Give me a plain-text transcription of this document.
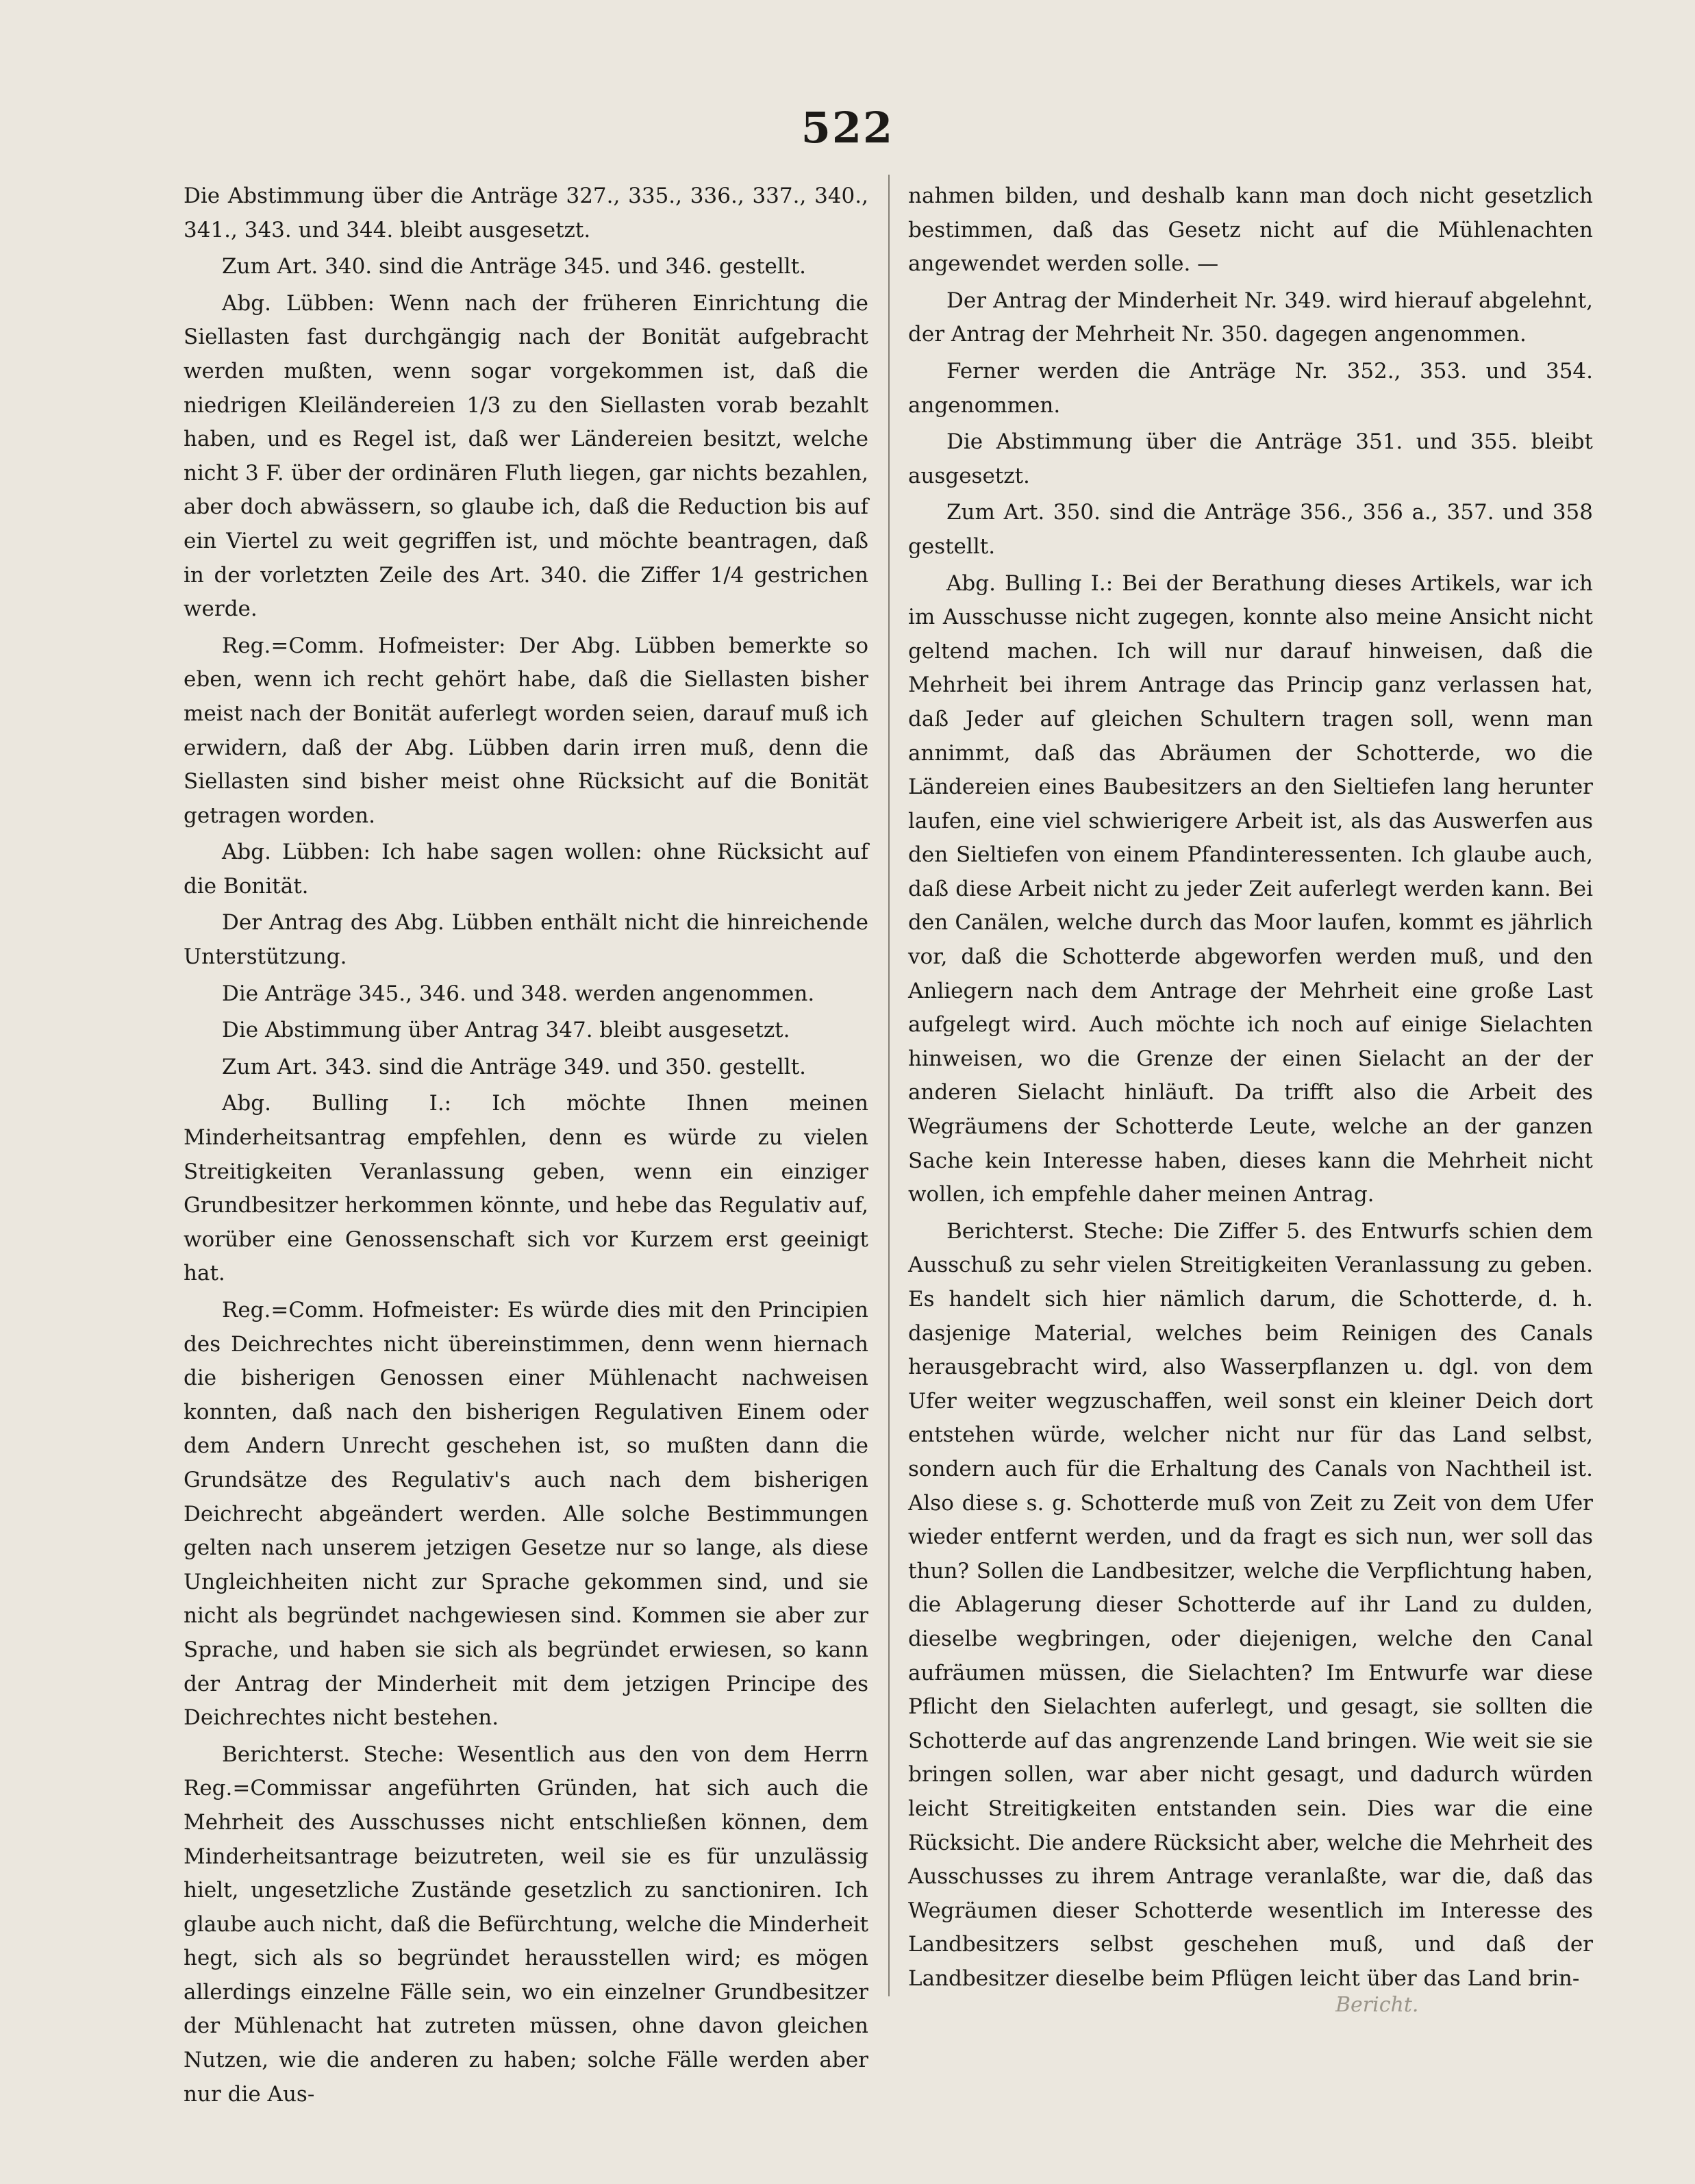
522

Die Abstimmung über die Anträge 327., 335., 336., 337., 340., 341., 343. und 344. bleibt ausgesetzt.

Zum Art. 340. sind die Anträge 345. und 346. gestellt.

Abg. Lübben: Wenn nach der früheren Einrichtung die Siellasten fast durchgängig nach der Bonität aufgebracht werden mußten, wenn sogar vorgekommen ist, daß die niedrigen Kleiländereien 1/3 zu den Siellasten vorab bezahlt haben, und es Regel ist, daß wer Ländereien besitzt, welche nicht 3 F. über der ordinären Fluth liegen, gar nichts bezahlen, aber doch abwässern, so glaube ich, daß die Reduction bis auf ein Viertel zu weit gegriffen ist, und möchte beantragen, daß in der vorletzten Zeile des Art. 340. die Ziffer 1/4 gestrichen werde.

Reg.=Comm. Hofmeister: Der Abg. Lübben bemerkte so eben, wenn ich recht gehört habe, daß die Siellasten bisher meist nach der Bonität auferlegt worden seien, darauf muß ich erwidern, daß der Abg. Lübben darin irren muß, denn die Siellasten sind bisher meist ohne Rücksicht auf die Bonität getragen worden.

Abg. Lübben: Ich habe sagen wollen: ohne Rücksicht auf die Bonität.

Der Antrag des Abg. Lübben enthält nicht die hinreichende Unterstützung.

Die Anträge 345., 346. und 348. werden angenommen.

Die Abstimmung über Antrag 347. bleibt ausgesetzt.

Zum Art. 343. sind die Anträge 349. und 350. gestellt.

Abg. Bulling I.: Ich möchte Ihnen meinen Minderheitsantrag empfehlen, denn es würde zu vielen Streitigkeiten Veranlassung geben, wenn ein einziger Grundbesitzer herkommen könnte, und hebe das Regulativ auf, worüber eine Genossenschaft sich vor Kurzem erst geeinigt hat.

Reg.=Comm. Hofmeister: Es würde dies mit den Principien des Deichrechtes nicht übereinstimmen, denn wenn hiernach die bisherigen Genossen einer Mühlenacht nachweisen konnten, daß nach den bisherigen Regulativen Einem oder dem Andern Unrecht geschehen ist, so mußten dann die Grundsätze des Regulativ's auch nach dem bisherigen Deichrecht abgeändert werden. Alle solche Bestimmungen gelten nach unserem jetzigen Gesetze nur so lange, als diese Ungleichheiten nicht zur Sprache gekommen sind, und sie nicht als begründet nachgewiesen sind. Kommen sie aber zur Sprache, und haben sie sich als begründet erwiesen, so kann der Antrag der Minderheit mit dem jetzigen Principe des Deichrechtes nicht bestehen.

Berichterst. Steche: Wesentlich aus den von dem Herrn Reg.=Commissar angeführten Gründen, hat sich auch die Mehrheit des Ausschusses nicht entschließen können, dem Minderheitsantrage beizutreten, weil sie es für unzulässig hielt, ungesetzliche Zustände gesetzlich zu sanctioniren. Ich glaube auch nicht, daß die Befürchtung, welche die Minderheit hegt, sich als so begründet herausstellen wird; es mögen allerdings einzelne Fälle sein, wo ein einzelner Grundbesitzer der Mühlenacht hat zutreten müssen, ohne davon gleichen Nutzen, wie die anderen zu haben; solche Fälle werden aber nur die Aus-

nahmen bilden, und deshalb kann man doch nicht gesetzlich bestimmen, daß das Gesetz nicht auf die Mühlenachten angewendet werden solle. —

Der Antrag der Minderheit Nr. 349. wird hierauf abgelehnt, der Antrag der Mehrheit Nr. 350. dagegen angenommen.

Ferner werden die Anträge Nr. 352., 353. und 354. angenommen.

Die Abstimmung über die Anträge 351. und 355. bleibt ausgesetzt.

Zum Art. 350. sind die Anträge 356., 356 a., 357. und 358 gestellt.

Abg. Bulling I.: Bei der Berathung dieses Artikels, war ich im Ausschusse nicht zugegen, konnte also meine Ansicht nicht geltend machen. Ich will nur darauf hinweisen, daß die Mehrheit bei ihrem Antrage das Princip ganz verlassen hat, daß Jeder auf gleichen Schultern tragen soll, wenn man annimmt, daß das Abräumen der Schotterde, wo die Ländereien eines Baubesitzers an den Sieltiefen lang herunter laufen, eine viel schwierigere Arbeit ist, als das Auswerfen aus den Sieltiefen von einem Pfandinteressenten. Ich glaube auch, daß diese Arbeit nicht zu jeder Zeit auferlegt werden kann. Bei den Canälen, welche durch das Moor laufen, kommt es jährlich vor, daß die Schotterde abgeworfen werden muß, und den Anliegern nach dem Antrage der Mehrheit eine große Last aufgelegt wird. Auch möchte ich noch auf einige Sielachten hinweisen, wo die Grenze der einen Sielacht an der der anderen Sielacht hinläuft. Da trifft also die Arbeit des Wegräumens der Schotterde Leute, welche an der ganzen Sache kein Interesse haben, dieses kann die Mehrheit nicht wollen, ich empfehle daher meinen Antrag.

Berichterst. Steche: Die Ziffer 5. des Entwurfs schien dem Ausschuß zu sehr vielen Streitigkeiten Veranlassung zu geben. Es handelt sich hier nämlich darum, die Schotterde, d. h. dasjenige Material, welches beim Reinigen des Canals herausgebracht wird, also Wasserpflanzen u. dgl. von dem Ufer weiter wegzuschaffen, weil sonst ein kleiner Deich dort entstehen würde, welcher nicht nur für das Land selbst, sondern auch für die Erhaltung des Canals von Nachtheil ist. Also diese s. g. Schotterde muß von Zeit zu Zeit von dem Ufer wieder entfernt werden, und da fragt es sich nun, wer soll das thun? Sollen die Landbesitzer, welche die Verpflichtung haben, die Ablagerung dieser Schotterde auf ihr Land zu dulden, dieselbe wegbringen, oder diejenigen, welche den Canal aufräumen müssen, die Sielachten? Im Entwurfe war diese Pflicht den Sielachten auferlegt, und gesagt, sie sollten die Schotterde auf das angrenzende Land bringen. Wie weit sie sie bringen sollen, war aber nicht gesagt, und dadurch würden leicht Streitigkeiten entstanden sein. Dies war die eine Rücksicht. Die andere Rücksicht aber, welche die Mehrheit des Ausschusses zu ihrem Antrage veranlaßte, war die, daß das Wegräumen dieser Schotterde wesentlich im Interesse des Landbesitzers selbst geschehen muß, und daß der Landbesitzer dieselbe beim Pflügen leicht über das Land brin-

Bericht.
